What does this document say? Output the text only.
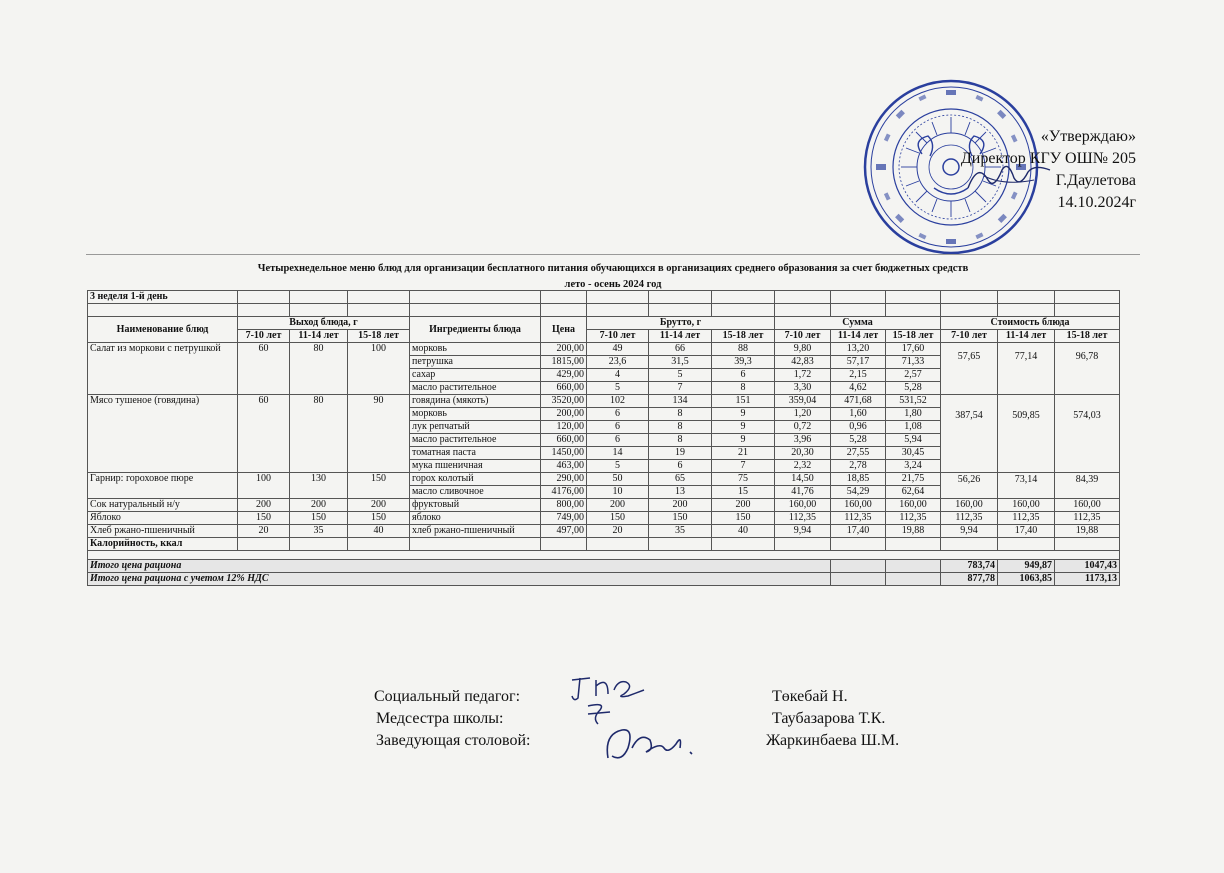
«Утверждаю»
Директор КГУ ОШ№ 205
Г.Даулетова
14.10.2024г
Четырехнедельное меню блюд для организации бесплатного питания обучающихся в организациях среднего образования за счет бюджетных средств
лето - осень 2024 год
3 неделя 1-й день														

Наименование блюд	Выход блюда, г			Ингредиенты блюда	Цена	Брутто, г			Сумма			Стоимость блюда		
	7-10 лет	11-14 лет	15-18 лет			7-10 лет	11-14 лет	15-18 лет	7-10 лет	11-14 лет	15-18 лет	7-10 лет	11-14 лет	15-18 лет
Салат из моркови с петрушкой	60	80	100	морковь	200,00	49	66	88	9,80	13,20	17,60	57,65	77,14	96,78
				петрушка	1815,00	23,6	31,5	39,3	42,83	57,17	71,33			
				сахар	429,00	4	5	6	1,72	2,15	2,57			
				масло растительное	660,00	5	7	8	3,30	4,62	5,28			
Мясо тушеное (говядина)	60	80	90	говядина (мякоть)	3520,00	102	134	151	359,04	471,68	531,52	387,54	509,85	574,03
				морковь	200,00	6	8	9	1,20	1,60	1,80			
				лук репчатый	120,00	6	8	9	0,72	0,96	1,08			
				масло растительное	660,00	6	8	9	3,96	5,28	5,94			
				томатная паста	1450,00	14	19	21	20,30	27,55	30,45			
				мука пшеничная	463,00	5	6	7	2,32	2,78	3,24			
Гарнир: гороховое пюре	100	130	150	горох колотый	290,00	50	65	75	14,50	18,85	21,75	56,26	73,14	84,39
				масло сливочное	4176,00	10	13	15	41,76	54,29	62,64			
Сок натуральный н/у	200	200	200	фруктовый	800,00	200	200	200	160,00	160,00	160,00	160,00	160,00	160,00
Яблоко	150	150	150	яблоко	749,00	150	150	150	112,35	112,35	112,35	112,35	112,35	112,35
Хлеб ржано-пшеничный	20	35	40	хлеб ржано-пшеничный	497,00	20	35	40	9,94	17,40	19,88	9,94	17,40	19,88
Калорийность, ккал														

Итого цена рациона												783,74	949,87	1047,43
Итого цена рациона с учетом 12% НДС												877,78	1063,85	1173,13
Социальный педагог:	Төкебай Н.
Медсестра школы:	Таубазарова Т.К.
Заведующая столовой:	Жаркинбаева Ш.М.
